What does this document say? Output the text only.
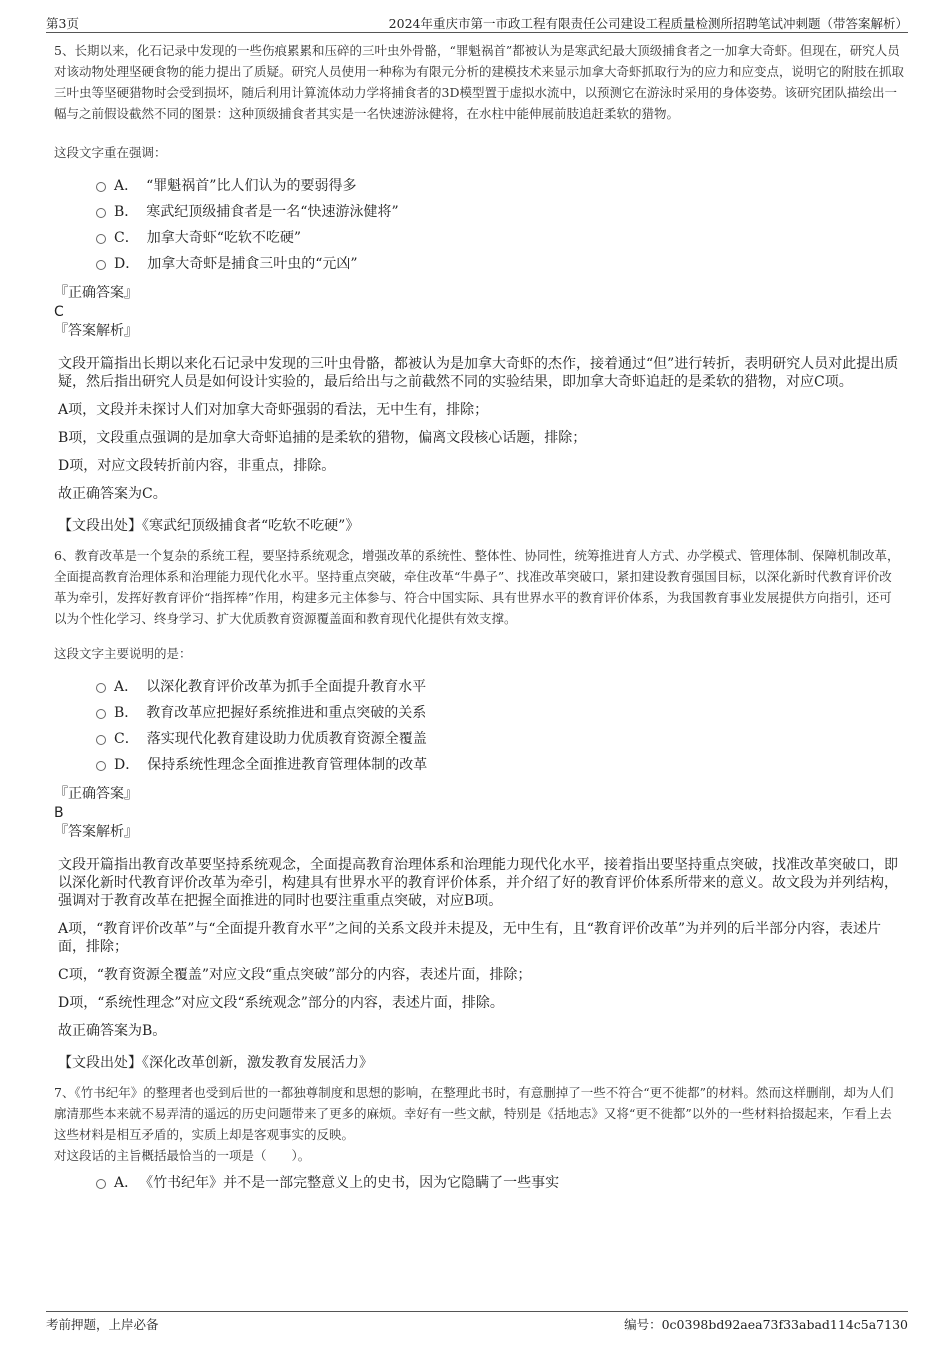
第3页	2024年重庆市第一市政工程有限责任公司建设工程质量检测所招聘笔试冲刺题（带答案解析）

5、长期以来，化石记录中发现的一些伤痕累累和压碎的三叶虫外骨骼，“罪魁祸首”都被认为是寒武纪最大顶级捕食者之一加拿大奇虾。但现在，研究人员对该动物处理坚硬食物的能力提出了质疑。研究人员使用一种称为有限元分析的建模技术来显示加拿大奇虾抓取行为的应力和应变点，说明它的附肢在抓取三叶虫等坚硬猎物时会受到损坏，随后利用计算流体动力学将捕食者的3D模型置于虚拟水流中，以预测它在游泳时采用的身体姿势。该研究团队描绘出一幅与之前假设截然不同的图景：这种顶级捕食者其实是一名快速游泳健将，在水柱中能伸展前肢追赶柔软的猎物。

这段文字重在强调：

A． “罪魁祸首”比人们认为的要弱得多
B． 寒武纪顶级捕食者是一名“快速游泳健将”
C． 加拿大奇虾“吃软不吃硬”
D． 加拿大奇虾是捕食三叶虫的“元凶”

『正确答案』

C

『答案解析』

文段开篇指出长期以来化石记录中发现的三叶虫骨骼，都被认为是加拿大奇虾的杰作，接着通过“但”进行转折，表明研究人员对此提出质疑，然后指出研究人员是如何设计实验的，最后给出与之前截然不同的实验结果，即加拿大奇虾追赶的是柔软的猎物，对应C项。

A项，文段并未探讨人们对加拿大奇虾强弱的看法，无中生有，排除；

B项，文段重点强调的是加拿大奇虾追捕的是柔软的猎物，偏离文段核心话题，排除；

D项，对应文段转折前内容，非重点，排除。

故正确答案为C。

【文段出处】《寒武纪顶级捕食者“吃软不吃硬”》

6、教育改革是一个复杂的系统工程，要坚持系统观念，增强改革的系统性、整体性、协同性，统筹推进育人方式、办学模式、管理体制、保障机制改革，全面提高教育治理体系和治理能力现代化水平。坚持重点突破，牵住改革“牛鼻子”、找准改革突破口，紧扣建设教育强国目标，以深化新时代教育评价改革为牵引，发挥好教育评价“指挥棒”作用，构建多元主体参与、符合中国实际、具有世界水平的教育评价体系，为我国教育事业发展提供方向指引，还可以为个性化学习、终身学习、扩大优质教育资源覆盖面和教育现代化提供有效支撑。

这段文字主要说明的是：

A． 以深化教育评价改革为抓手全面提升教育水平
B． 教育改革应把握好系统推进和重点突破的关系
C． 落实现代化教育建设助力优质教育资源全覆盖
D． 保持系统性理念全面推进教育管理体制的改革

『正确答案』

B

『答案解析』

文段开篇指出教育改革要坚持系统观念，全面提高教育治理体系和治理能力现代化水平，接着指出要坚持重点突破，找准改革突破口，即以深化新时代教育评价改革为牵引，构建具有世界水平的教育评价体系，并介绍了好的教育评价体系所带来的意义。故文段为并列结构，强调对于教育改革在把握全面推进的同时也要注重重点突破，对应B项。

A项，“教育评价改革”与“全面提升教育水平”之间的关系文段并未提及，无中生有，且“教育评价改革”为并列的后半部分内容，表述片面，排除；

C项，“教育资源全覆盖”对应文段“重点突破”部分的内容，表述片面，排除；

D项，“系统性理念”对应文段“系统观念”部分的内容，表述片面，排除。

故正确答案为B。

【文段出处】《深化改革创新，激发教育发展活力》

7、《竹书纪年》的整理者也受到后世的一都独尊制度和思想的影响，在整理此书时，有意删掉了一些不符合“更不徙都”的材料。然而这样删削，却为人们廓清那些本来就不易弄清的遥远的历史问题带来了更多的麻烦。幸好有一些文献，特别是《括地志》又将“更不徙都”以外的一些材料拾掇起来，乍看上去这些材料是相互矛盾的，实质上却是客观事实的反映。

对这段话的主旨概括最恰当的一项是（　　）。

A． 《竹书纪年》并不是一部完整意义上的史书，因为它隐瞒了一些事实
考前押题，上岸必备	编号：0c0398bd92aea73f33abad114c5a7130
